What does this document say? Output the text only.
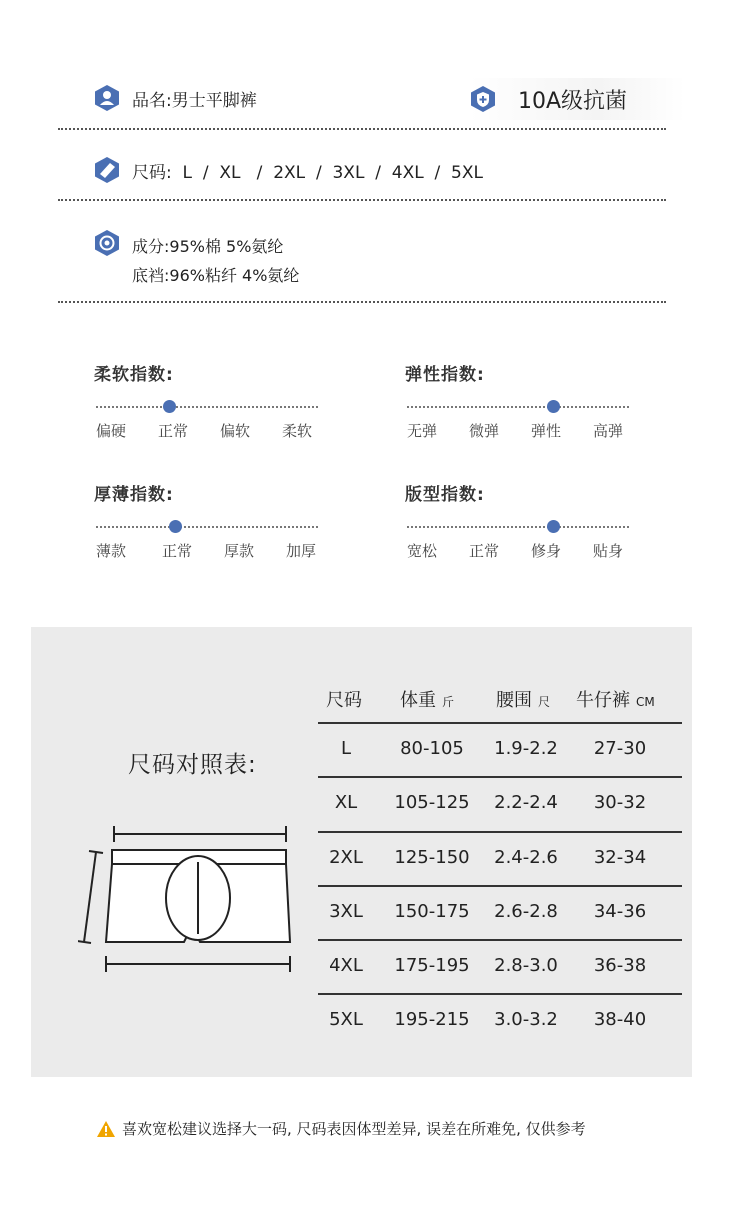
品名:男士平脚裤	10A级抗菌
尺码:  L  /  XL   /  2XL  /  3XL  /  4XL  /  5XL
成分:95%棉 5%氨纶
底裆:96%粘纤 4%氨纶
柔软指数:
偏硬 正常 偏软 柔软
弹性指数:
无弹 微弹 弹性 高弹
厚薄指数:
薄款 正常 厚款 加厚
版型指数:
宽松 正常 修身 贴身
尺码对照表:
尺码	体重 斤 腰围 尺 牛仔裤 CM
L	80-105	1.9-2.2	27-30
XL	105-125	2.2-2.4	30-32
2XL	125-150	2.4-2.6	32-34
3XL	150-175	2.6-2.8	34-36
4XL	175-195	2.8-3.0	36-38
5XL	195-215	3.0-3.2	38-40
喜欢宽松建议选择大一码, 尺码表因体型差异, 误差在所难免, 仅供参考
